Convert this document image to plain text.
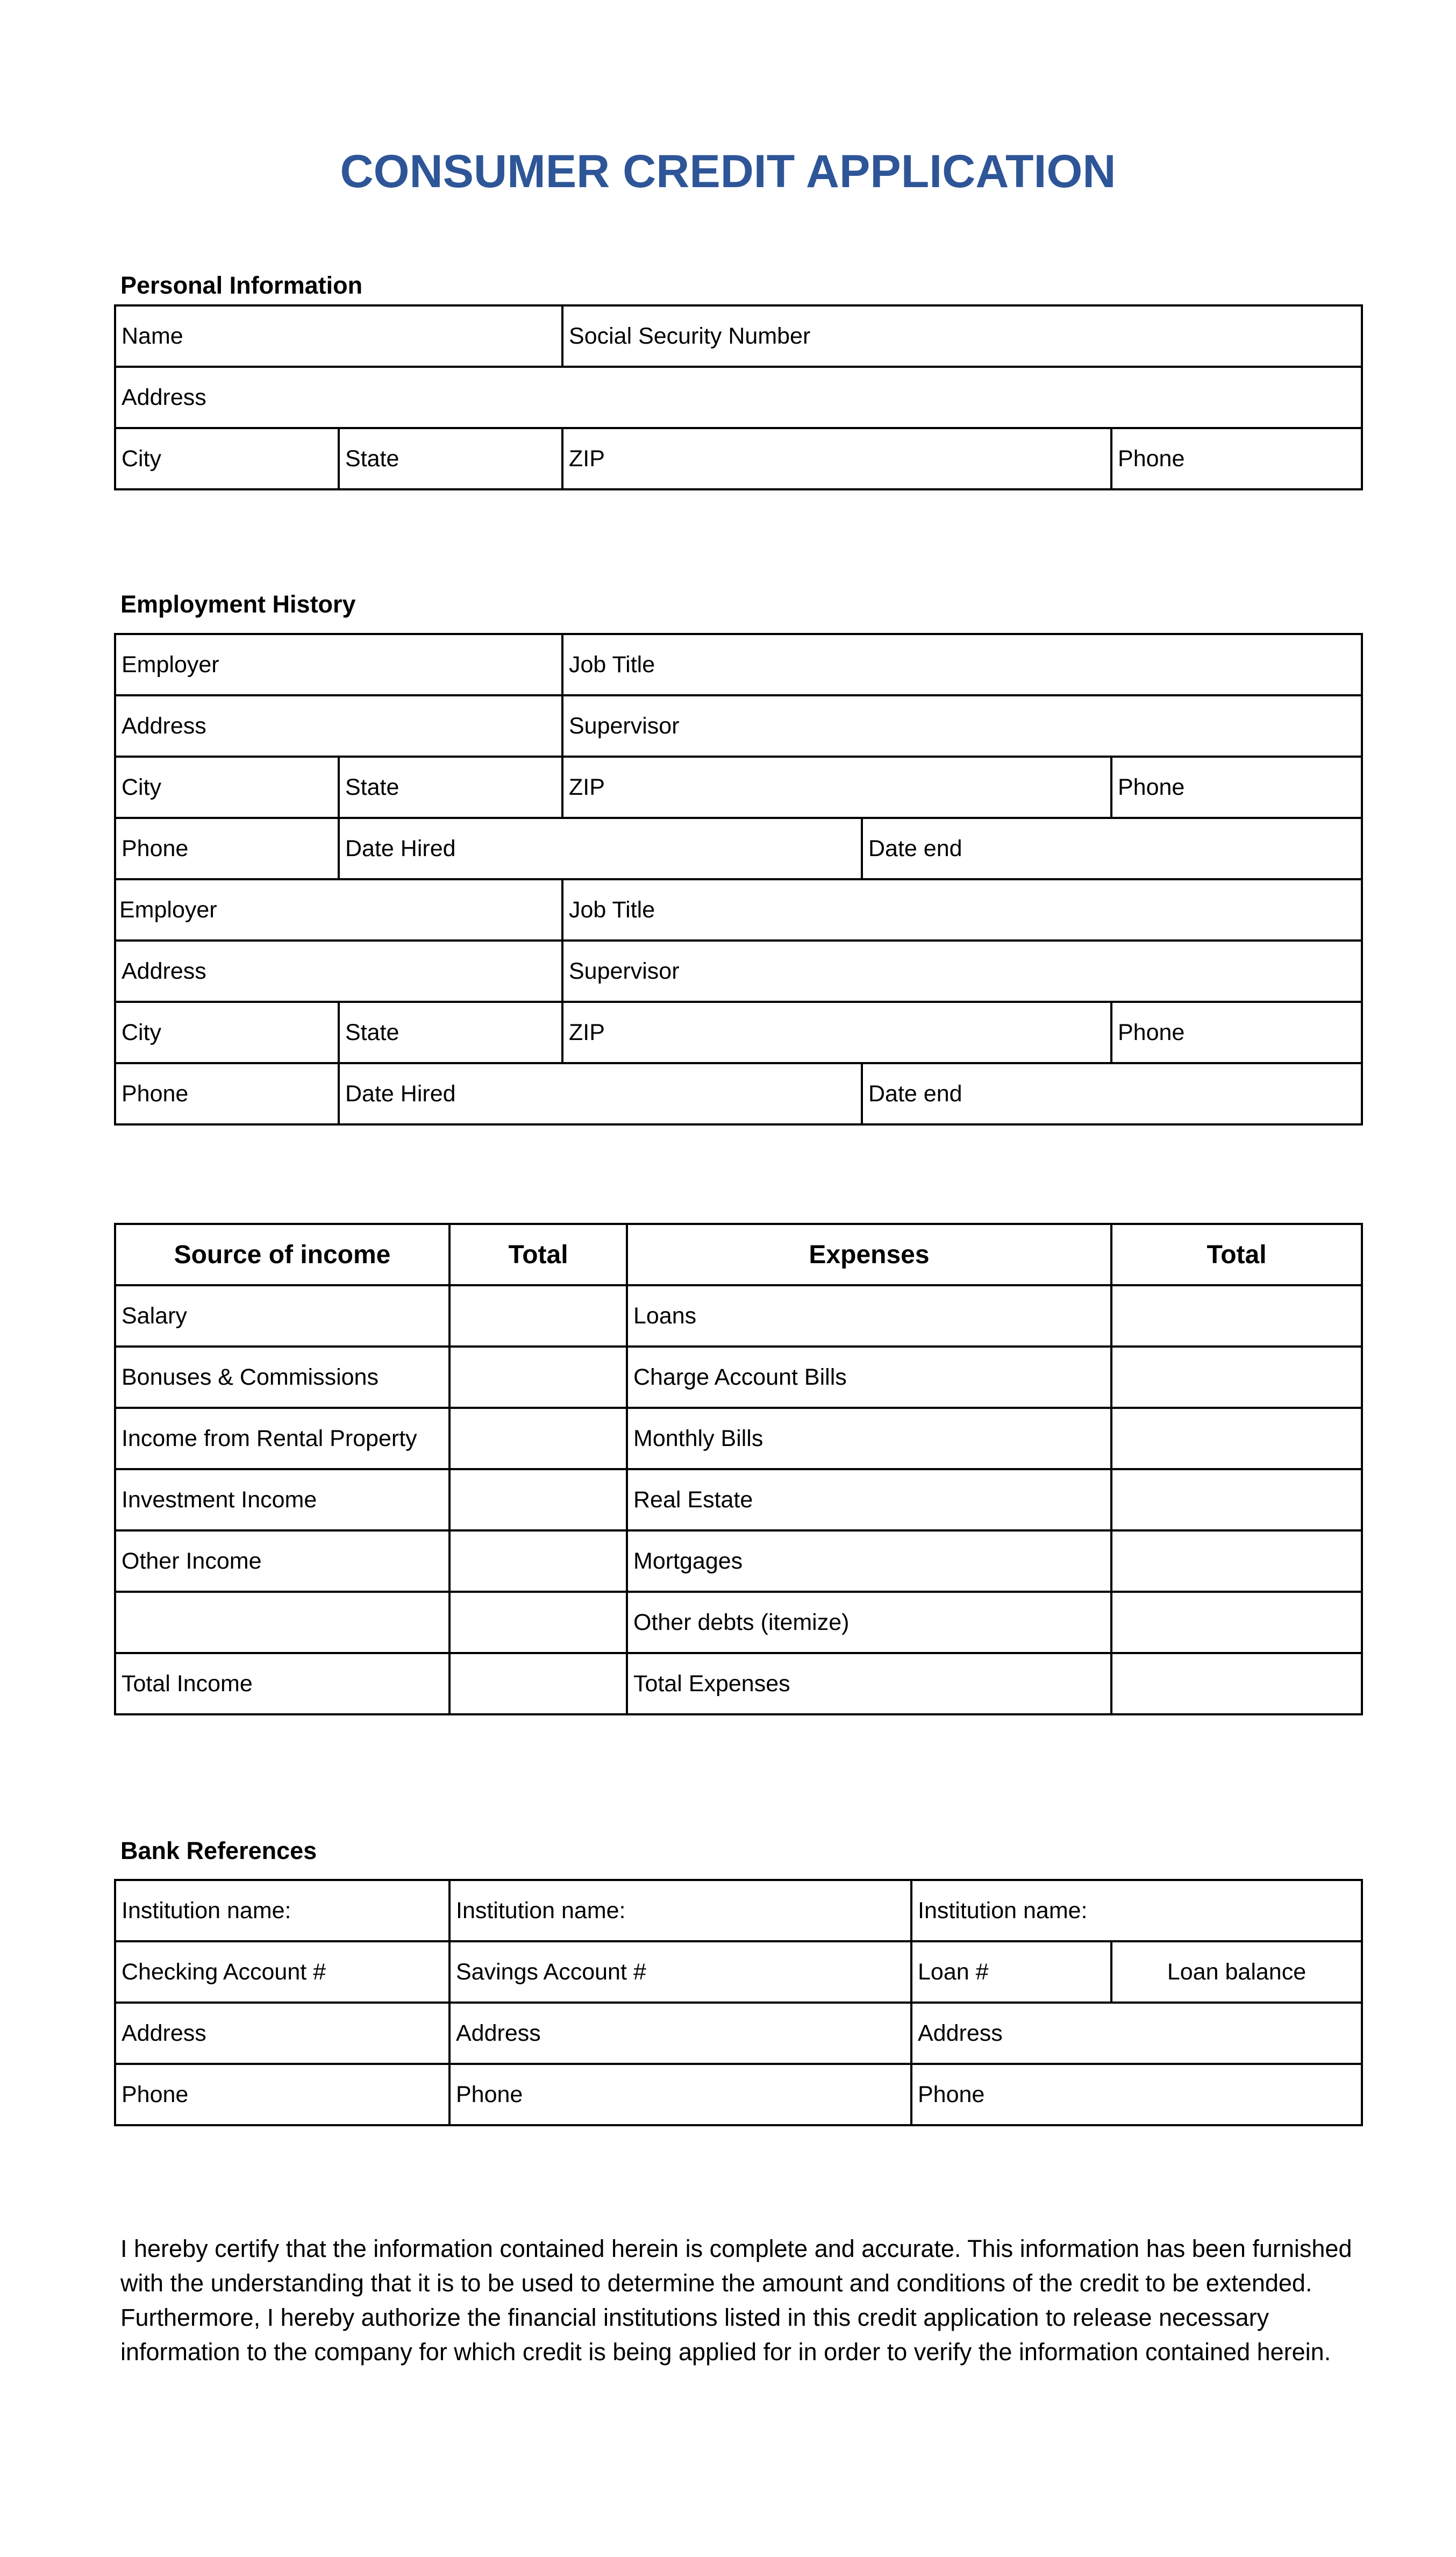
CONSUMER CREDIT APPLICATION
Personal Information
Name		Social Security Number	
Address			
City	State	ZIP	Phone
Employment History
Employer		Job Title		
Address		Supervisor		
City	State	ZIP		Phone
Phone	Date Hired		Date end	
Employer		Job Title		
Address		Supervisor		
City	State	ZIP		Phone
Phone	Date Hired		Date end	
Source of income	Total	Expenses	Total
Salary		Loans	
Bonuses & Commissions		Charge Account Bills	
Income from Rental Property		Monthly Bills	
Investment Income		Real Estate	
Other Income		Mortgages	
		Other debts (itemize)	
Total Income		Total Expenses	
Bank References
Institution name:	Institution name:	Institution name:	
Checking Account #	Savings Account #	Loan #	Loan balance
Address	Address	Address	
Phone	Phone	Phone	
I hereby certify that the information contained herein is complete and accurate. This information has been furnished with the understanding that it is to be used to determine the amount and conditions of the credit to be extended. Furthermore, I hereby authorize the financial institutions listed in this credit application to release necessary information to the company for which credit is being applied for in order to verify the information contained herein.
